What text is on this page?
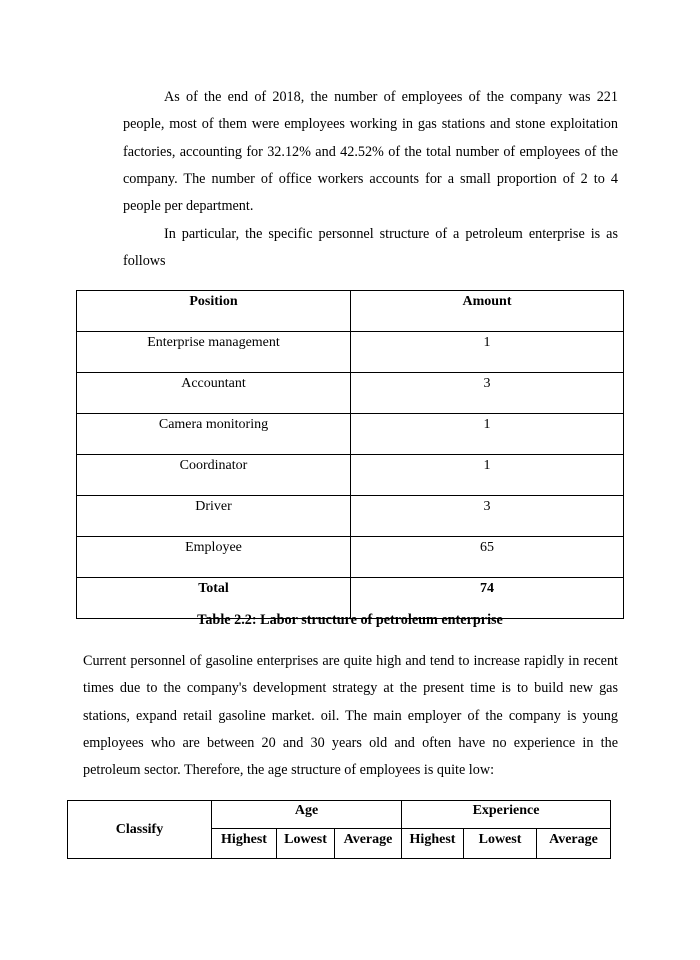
As of the end of 2018, the number of employees of the company was 221 people, most of them were employees working in gas stations and stone exploitation factories, accounting for 32.12% and 42.52% of the total number of employees of the company. The number of office workers accounts for a small proportion of 2 to 4 people per department.

In particular, the specific personnel structure of a petroleum enterprise is as follows

Position	Amount
Enterprise management	1
Accountant	3
Camera monitoring	1
Coordinator	1
Driver	3
Employee	65
Total	74

Table 2.2: Labor structure of petroleum enterprise

Current personnel of gasoline enterprises are quite high and tend to increase rapidly in recent times due to the company's development strategy at the present time is to build new gas stations, expand retail gasoline market. oil. The main employer of the company is young employees who are between 20 and 30 years old and often have no experience in the petroleum sector. Therefore, the age structure of employees is quite low:

Classify	Age			Experience		
	Highest	Lowest	Average	Highest	Lowest	Average
